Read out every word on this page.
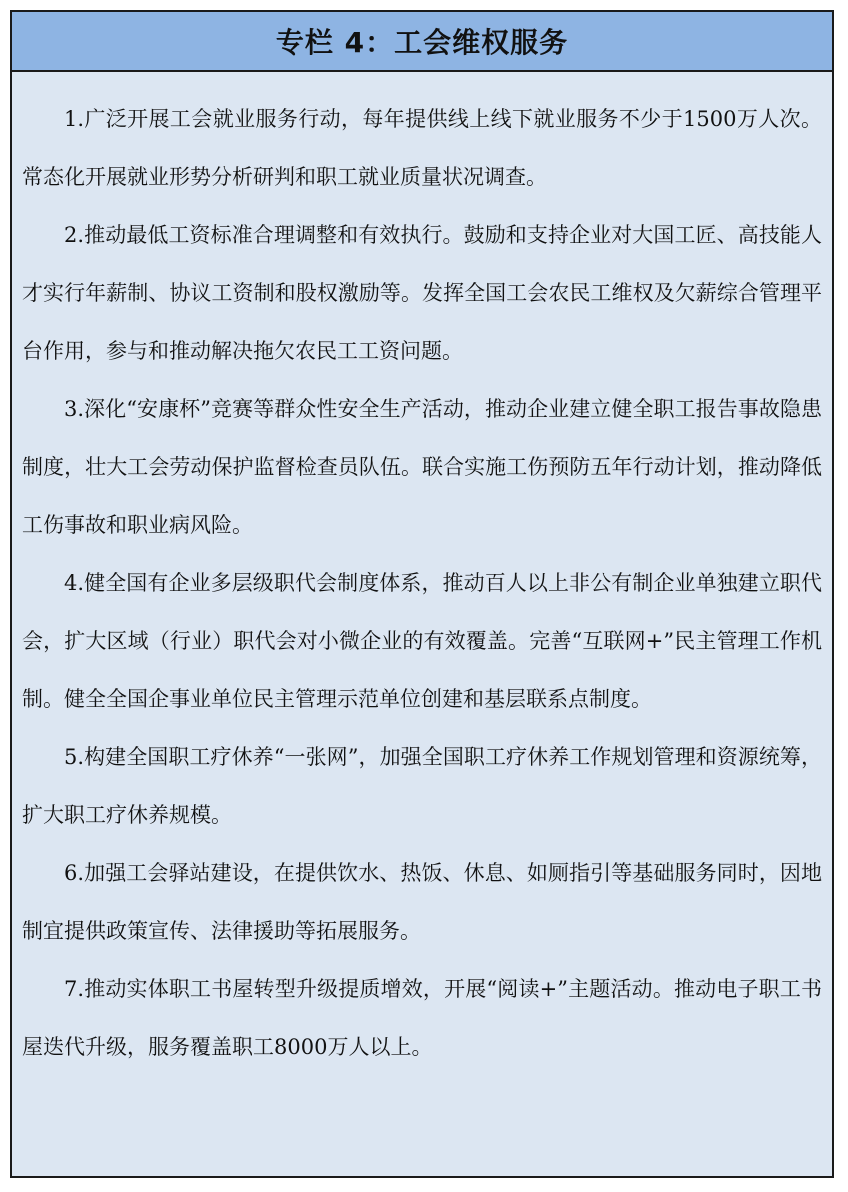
专栏 4：工会维权服务

1.广泛开展工会就业服务行动，每年提供线上线下就业服务不少于1500万人次。常态化开展就业形势分析研判和职工就业质量状况调查。

2.推动最低工资标准合理调整和有效执行。鼓励和支持企业对大国工匠、高技能人才实行年薪制、协议工资制和股权激励等。发挥全国工会农民工维权及欠薪综合管理平台作用，参与和推动解决拖欠农民工工资问题。

3.深化“安康杯”竞赛等群众性安全生产活动，推动企业建立健全职工报告事故隐患制度，壮大工会劳动保护监督检查员队伍。联合实施工伤预防五年行动计划，推动降低工伤事故和职业病风险。

4.健全国有企业多层级职代会制度体系，推动百人以上非公有制企业单独建立职代会，扩大区域（行业）职代会对小微企业的有效覆盖。完善“互联网+”民主管理工作机制。健全全国企事业单位民主管理示范单位创建和基层联系点制度。

5.构建全国职工疗休养“一张网”，加强全国职工疗休养工作规划管理和资源统筹，扩大职工疗休养规模。

6.加强工会驿站建设，在提供饮水、热饭、休息、如厕指引等基础服务同时，因地制宜提供政策宣传、法律援助等拓展服务。

7.推动实体职工书屋转型升级提质增效，开展“阅读+”主题活动。推动电子职工书屋迭代升级，服务覆盖职工8000万人以上。
